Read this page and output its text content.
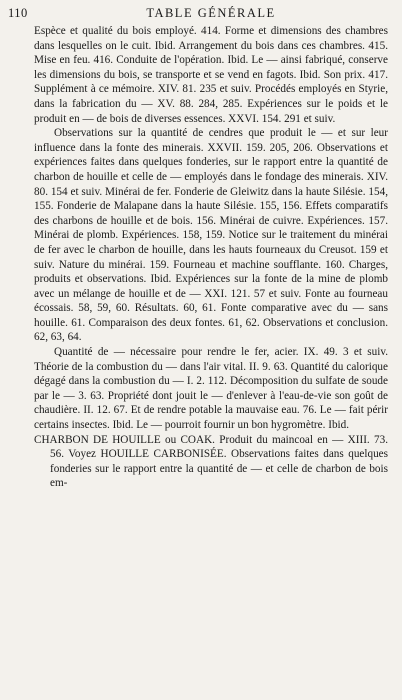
110	TABLE GÉNÉRALE

Espèce et qualité du bois employé. 414. Forme et dimensions des chambres dans lesquelles on le cuit. Ibid. Arrangement du bois dans ces chambres. 415. Mise en feu. 416. Conduite de l'opération. Ibid. Le — ainsi fabriqué, conserve les dimensions du bois, se transporte et se vend en fagots. Ibid. Son prix. 417. Supplément à ce mémoire. XIV. 81. 235 et suiv. Procédés employés en Styrie, dans la fabrication du — XV. 88. 284, 285. Expériences sur le poids et le produit en — de bois de diverses essences. XXVI. 154. 291 et suiv.

Observations sur la quantité de cendres que produit le — et sur leur influence dans la fonte des minerais. XXVII. 159. 205, 206. Observations et expériences faites dans quelques fonderies, sur le rapport entre la quantité de charbon de houille et celle de — employés dans le fondage des minerais. XIV. 80. 154 et suiv. Minérai de fer. Fonderie de Gleiwitz dans la haute Silésie. 154, 155. Fonderie de Malapane dans la haute Silésie. 155, 156. Effets comparatifs des charbons de houille et de bois. 156. Minérai de cuivre. Expériences. 157. Minérai de plomb. Expériences. 158, 159. Notice sur le traitement du minérai de fer avec le charbon de houille, dans les hauts fourneaux du Creusot. 159 et suiv. Nature du minérai. 159. Fourneau et machine soufflante. 160. Charges, produits et observations. Ibid. Expériences sur la fonte de la mine de plomb avec un mélange de houille et de — XXI. 121. 57 et suiv. Fonte au fourneau écossais. 58, 59, 60. Résultats. 60, 61. Fonte comparative avec du — sans houille. 61. Comparaison des deux fontes. 61, 62. Observations et conclusion. 62, 63, 64.

Quantité de — nécessaire pour rendre le fer, acier. IX. 49. 3 et suiv. Théorie de la combustion du — dans l'air vital. II. 9. 63. Quantité du calorique dégagé dans la combustion du — I. 2. 112. Décomposition du sulfate de soude par le — 3. 63. Propriété dont jouit le — d'enlever à l'eau-de-vie son goût de chaudière. II. 12. 67. Et de rendre potable la mauvaise eau. 76. Le — fait périr certains insectes. Ibid. Le — pourroit fournir un bon hygromètre. Ibid.

CHARBON DE HOUILLE ou COAK. Produit du maincoal en — XIII. 73. 56. Voyez HOUILLE CARBONISÉE. Observations faites dans quelques fonderies sur le rapport entre la quantité de — et celle de charbon de bois em-
